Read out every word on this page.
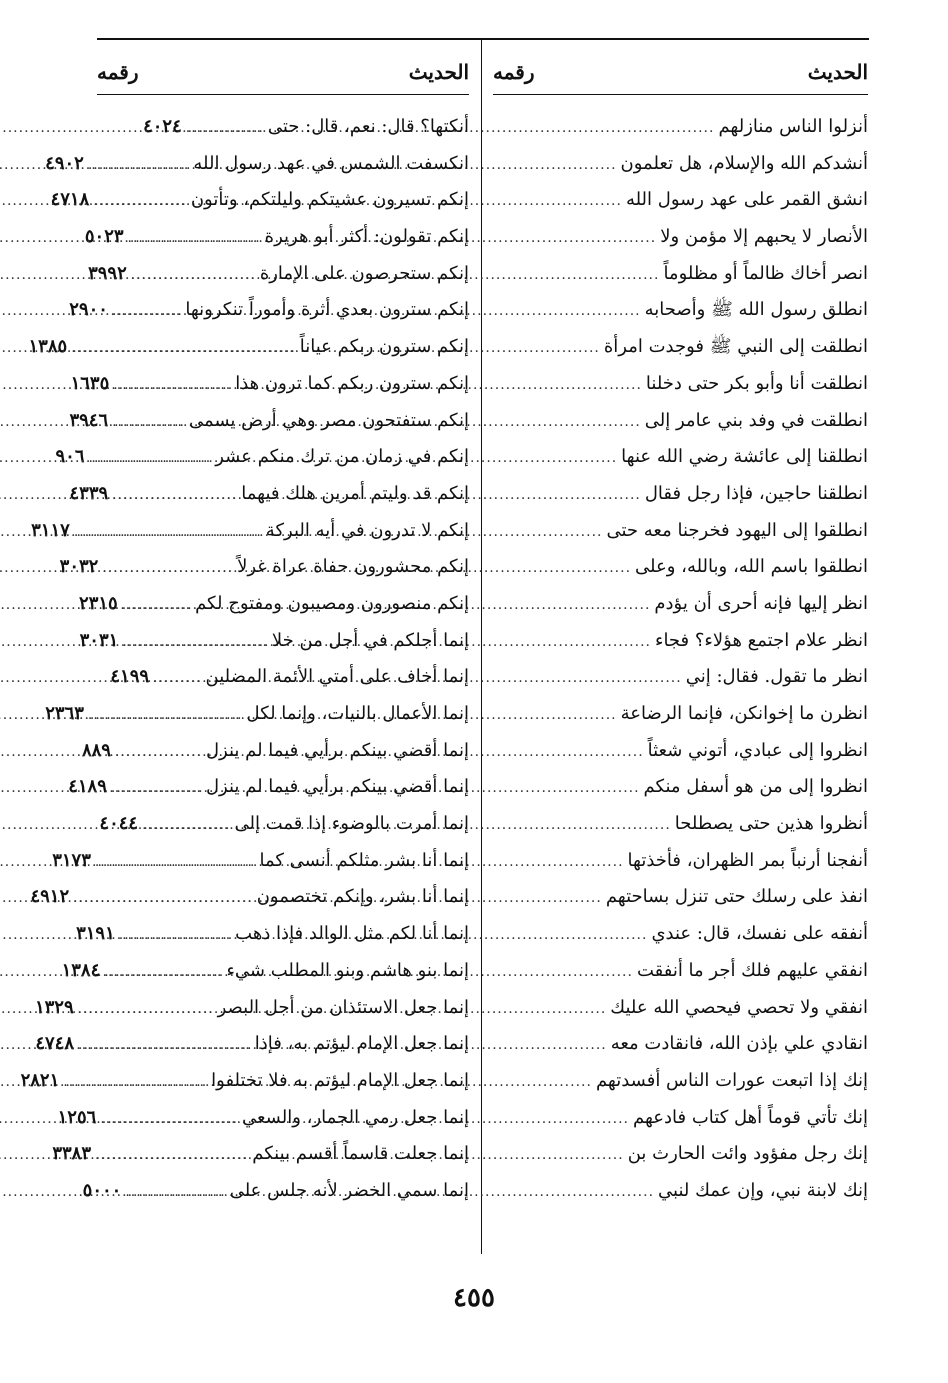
الحديث
رقمه
أنزلوا الناس منازلهم
.....
٤٠٢٤
أنشدكم الله والإسلام، هل تعلمون
.....
٤٩٠٢
انشق القمر على عهد رسول الله
.....
٤٧١٨
الأنصار لا يحبهم إلا مؤمن ولا
.....
٥٠٢٣
انصر أخاك ظالماً أو مظلوماً
.....
٣٩٩٢
انطلق رسول الله ﷺ وأصحابه
.....
٢٩٠٠
انطلقت إلى النبي ﷺ فوجدت امرأة
.....
١٣٨٥
انطلقت أنا وأبو بكر حتى دخلنا
.....
١٦٣٥
انطلقت في وفد بني عامر إلى
.....
٣٩٤٦
انطلقنا إلى عائشة رضي الله عنها
.....
٩٠٦
انطلقنا حاجين، فإذا رجل فقال
.....
٤٣٣٩
انطلقوا إلى اليهود فخرجنا معه حتى
.....
٣١١٧
انطلقوا باسم الله، وبالله، وعلى
.....
٣٠٣٢
انظر إليها فإنه أحرى أن يؤدم
.....
٢٣١٥
انظر علام اجتمع هؤلاء؟ فجاء
.....
٣٠٣١
انظر ما تقول. فقال: إني
.....
٤١٩٩
انظرن ما إخوانكن، فإنما الرضاعة
.....
٢٣٦٣
انظروا إلى عبادي، أتوني شعثاً
.....
٨٨٩
انظروا إلى من هو أسفل منكم
.....
٤١٨٩
أنظروا هذين حتى يصطلحا
.....
٤٠٤٤
أنفجنا أرنباً بمر الظهران، فأخذتها
.....
٣١٧٣
انفذ على رسلك حتى تنزل بساحتهم
.....
٤٩١٢
أنفقه على نفسك، قال: عندي
.....
٣١٩١
انفقي عليهم فلك أجر ما أنفقت
.....
١٣٨٤
انفقي ولا تحصي فيحصي الله عليك
.....
١٣٢٩
انقادي علي بإذن الله، فانقادت معه
.....
٤٧٤٨
إنك إذا اتبعت عورات الناس أفسدتهم
.....
٢٨٢١
إنك تأتي قوماً أهل كتاب فادعهم
.....
١٢٥٦
إنك رجل مفؤود وائت الحارث بن
.....
٣٣٨٣
إنك لابنة نبي، وإن عمك لنبي
.....
٥٠٠٠
الحديث
رقمه
أنكتها؟ قال: نعم، قال: حتى
.....
انكسفت الشمس في عهد رسول الله
.....
إنكم تسيرون عشيتكم وليلتكم، وتأتون
.....
إنكم تقولون: أكثر أبو هريرة
.....
إنكم ستحرصون على الإمارة
.....
إنكم سترون بعدي أثرة وأموراً تنكرونها
.....
إنكم سترون ربكم عياناً
.....
إنكم سترون ربكم كما ترون هذا
.....
إنكم ستفتحون مصر وهي أرض يسمى
.....
إنكم في زمان من ترك منكم عشر
.....
إنكم قد وليتم أمرين هلك فيهما
.....
إنكم لا تدرون في أيه البركة
.....
إنكم محشورون حفاة عراة غرلاً
.....
إنكم منصورون ومصيبون ومفتوح لكم
.....
إنما أجلكم في أجل من خلا
.....
إنما أخاف على أمتي الأئمة المضلين
.....
إنما الأعمال بالنيات، وإنما لكل
.....
إنما أقضي بينكم برأيي فيما لم ينزل
.....
إنما أقضي بينكم برأيي فيما لم ينزل
.....
إنما أمرت بالوضوء إذا قمت إلى
.....
إنما أنا بشر مثلكم أنسى كما
.....
إنما أنا بشر، وإنكم تختصمون
.....
إنما أنا لكم مثل الوالد فإذا ذهب
.....
إنما بنو هاشم وبنو المطلب شيء
.....
إنما جعل الاستئذان من أجل البصر
.....
إنما جعل الإمام ليؤتم به، فإذا
.....
إنما جعل الإمام ليؤتم به فلا تختلفوا
.....
إنما جعل رمي الجمار، والسعي
.....
إنما جعلت قاسماً أقسم بينكم
.....
إنما سمي الخضر لأنه جلس على
.....
٤٥٥
